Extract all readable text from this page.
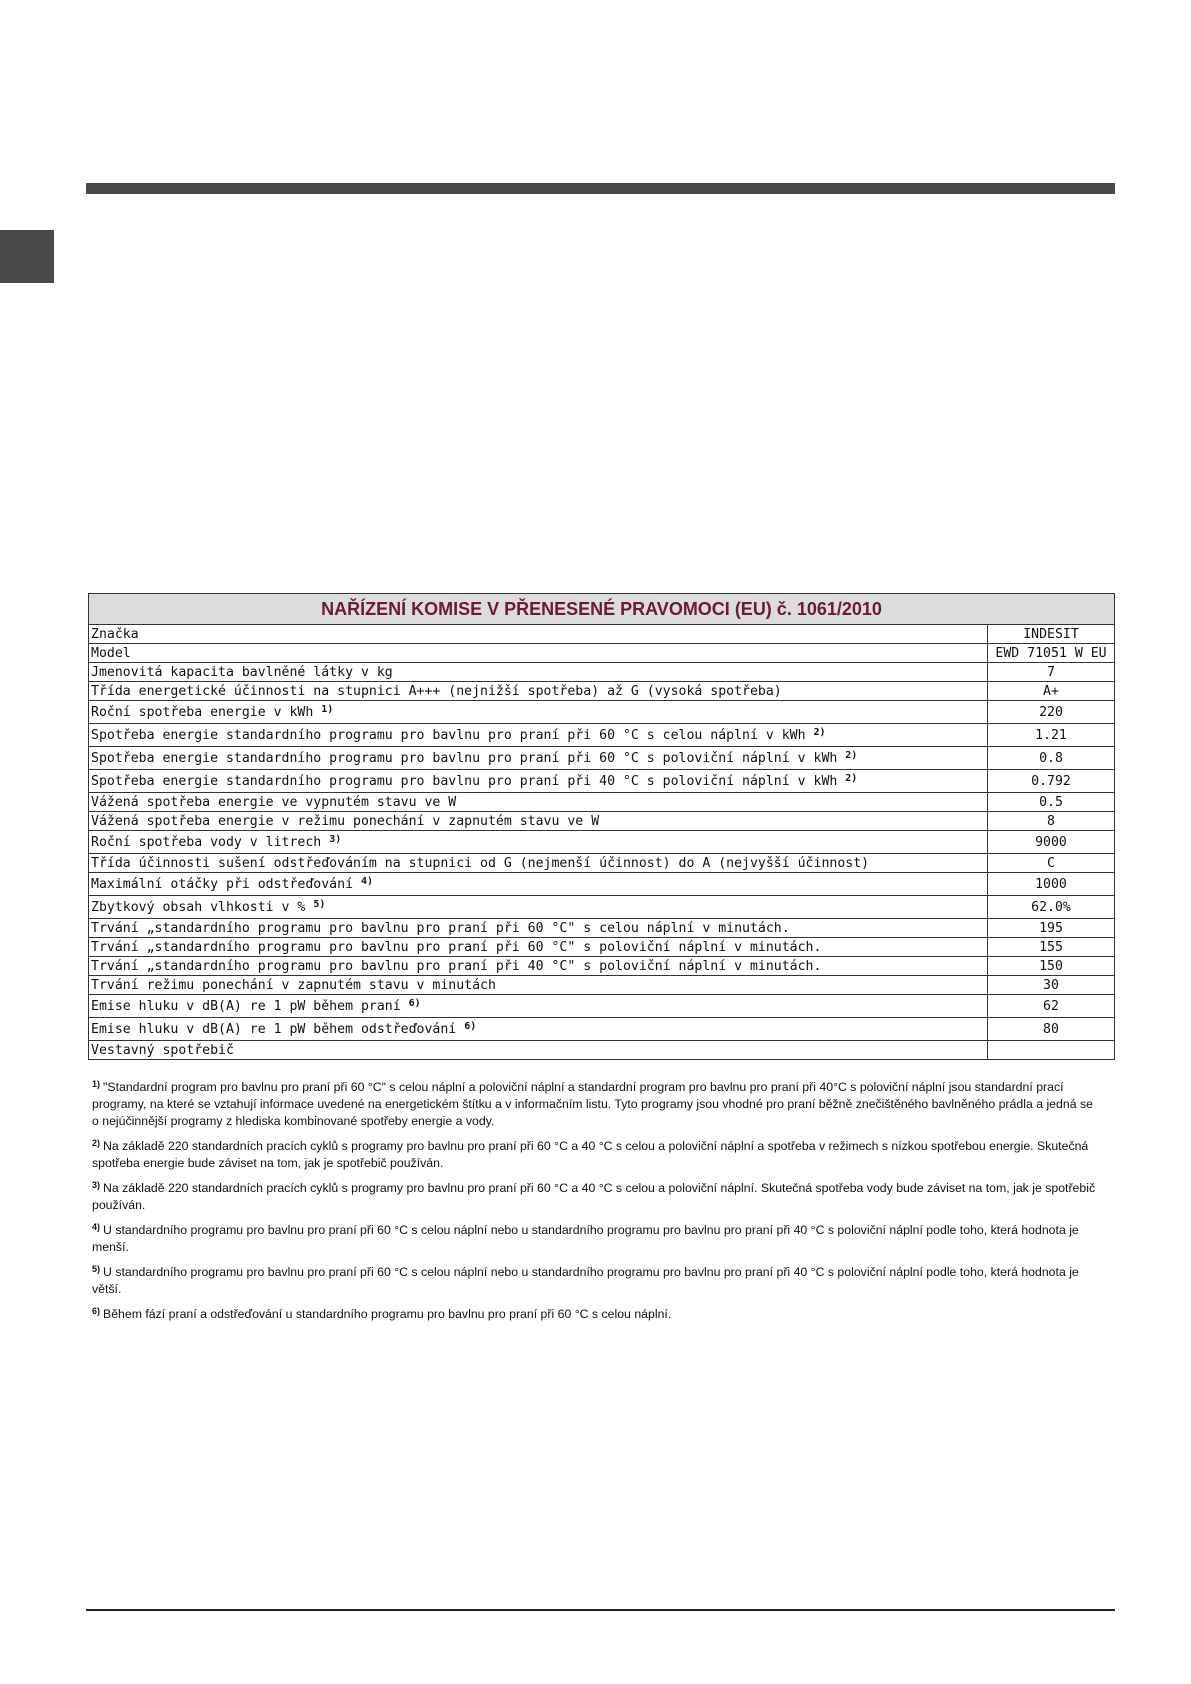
NAŘÍZENÍ KOMISE V PŘENESENÉ PRAVOMOCI (EU) č. 1061/2010	
Značka	INDESIT
Model	EWD 71051 W EU
Jmenovitá kapacita bavlněné látky v kg	7
Třída energetické účinnosti na stupnici A+++ (nejnižší spotřeba) až G (vysoká spotřeba)	A+
Roční spotřeba energie v kWh $^{1)}$	220
Spotřeba energie standardního programu pro bavlnu pro praní při 60 °C s celou náplní v kWh $^{2)}$	1.21
Spotřeba energie standardního programu pro bavlnu pro praní při 60 °C s poloviční náplní v kWh $^{2)}$	0.8
Spotřeba energie standardního programu pro bavlnu pro praní při 40 °C s poloviční náplní v kWh $^{2)}$	0.792
Vážená spotřeba energie ve vypnutém stavu ve W	0.5
Vážená spotřeba energie v režimu ponechání v zapnutém stavu ve W	8
Roční spotřeba vody v litrech $^{3)}$	9000
Třída účinnosti sušení odstřeďováním na stupnici od G (nejmenší účinnost) do A (nejvyšší účinnost)	C
Maximální otáčky při odstřeďování $^{4)}$	1000
Zbytkový obsah vlhkosti v % $^{5)}$	62.0%
Trvání „standardního programu pro bavlnu pro praní při 60 °C" s celou náplní v minutách.	195
Trvání „standardního programu pro bavlnu pro praní při 60 °C" s poloviční náplní v minutách.	155
Trvání „standardního programu pro bavlnu pro praní při 40 °C" s poloviční náplní v minutách.	150
Trvání režimu ponechání v zapnutém stavu v minutách	30
Emise hluku v dB(A) re 1 pW během praní $^{6)}$	62
Emise hluku v dB(A) re 1 pW během odstřeďování $^{6)}$	80
Vestavný spotřebič	

$^{1)}$ "Standardní program pro bavlnu pro praní při 60 °C" s celou náplní a poloviční náplní a standardní program pro bavlnu pro praní při 40°C s poloviční náplní jsou standardní prací programy, na které se vztahují informace uvedené na energetickém štítku a v informačním listu. Tyto programy jsou vhodné pro praní běžně znečištěného bavlněného prádla a jedná se o nejúčinnější programy z hlediska kombinované spotřeby energie a vody.

$^{2)}$ Na základě 220 standardních pracích cyklů s programy pro bavlnu pro praní při 60 °C a 40 °C s celou a poloviční náplní a spotřeba v režimech s nízkou spotřebou energie. Skutečná spotřeba energie bude záviset na tom, jak je spotřebič používán.

$^{3)}$ Na základě 220 standardních pracích cyklů s programy pro bavlnu pro praní při 60 °C a 40 °C s celou a poloviční náplní. Skutečná spotřeba vody bude záviset na tom, jak je spotřebič používán.

$^{4)}$ U standardního programu pro bavlnu pro praní při 60 °C s celou náplní nebo u standardního programu pro bavlnu pro praní při 40 °C s poloviční náplní podle toho, která hodnota je menší.

$^{5)}$ U standardního programu pro bavlnu pro praní při 60 °C s celou náplní nebo u standardního programu pro bavlnu pro praní při 40 °C s poloviční náplní podle toho, která hodnota je větší.

$^{6)}$ Během fází praní a odstřeďování u standardního programu pro bavlnu pro praní při 60 °C s celou náplní.
